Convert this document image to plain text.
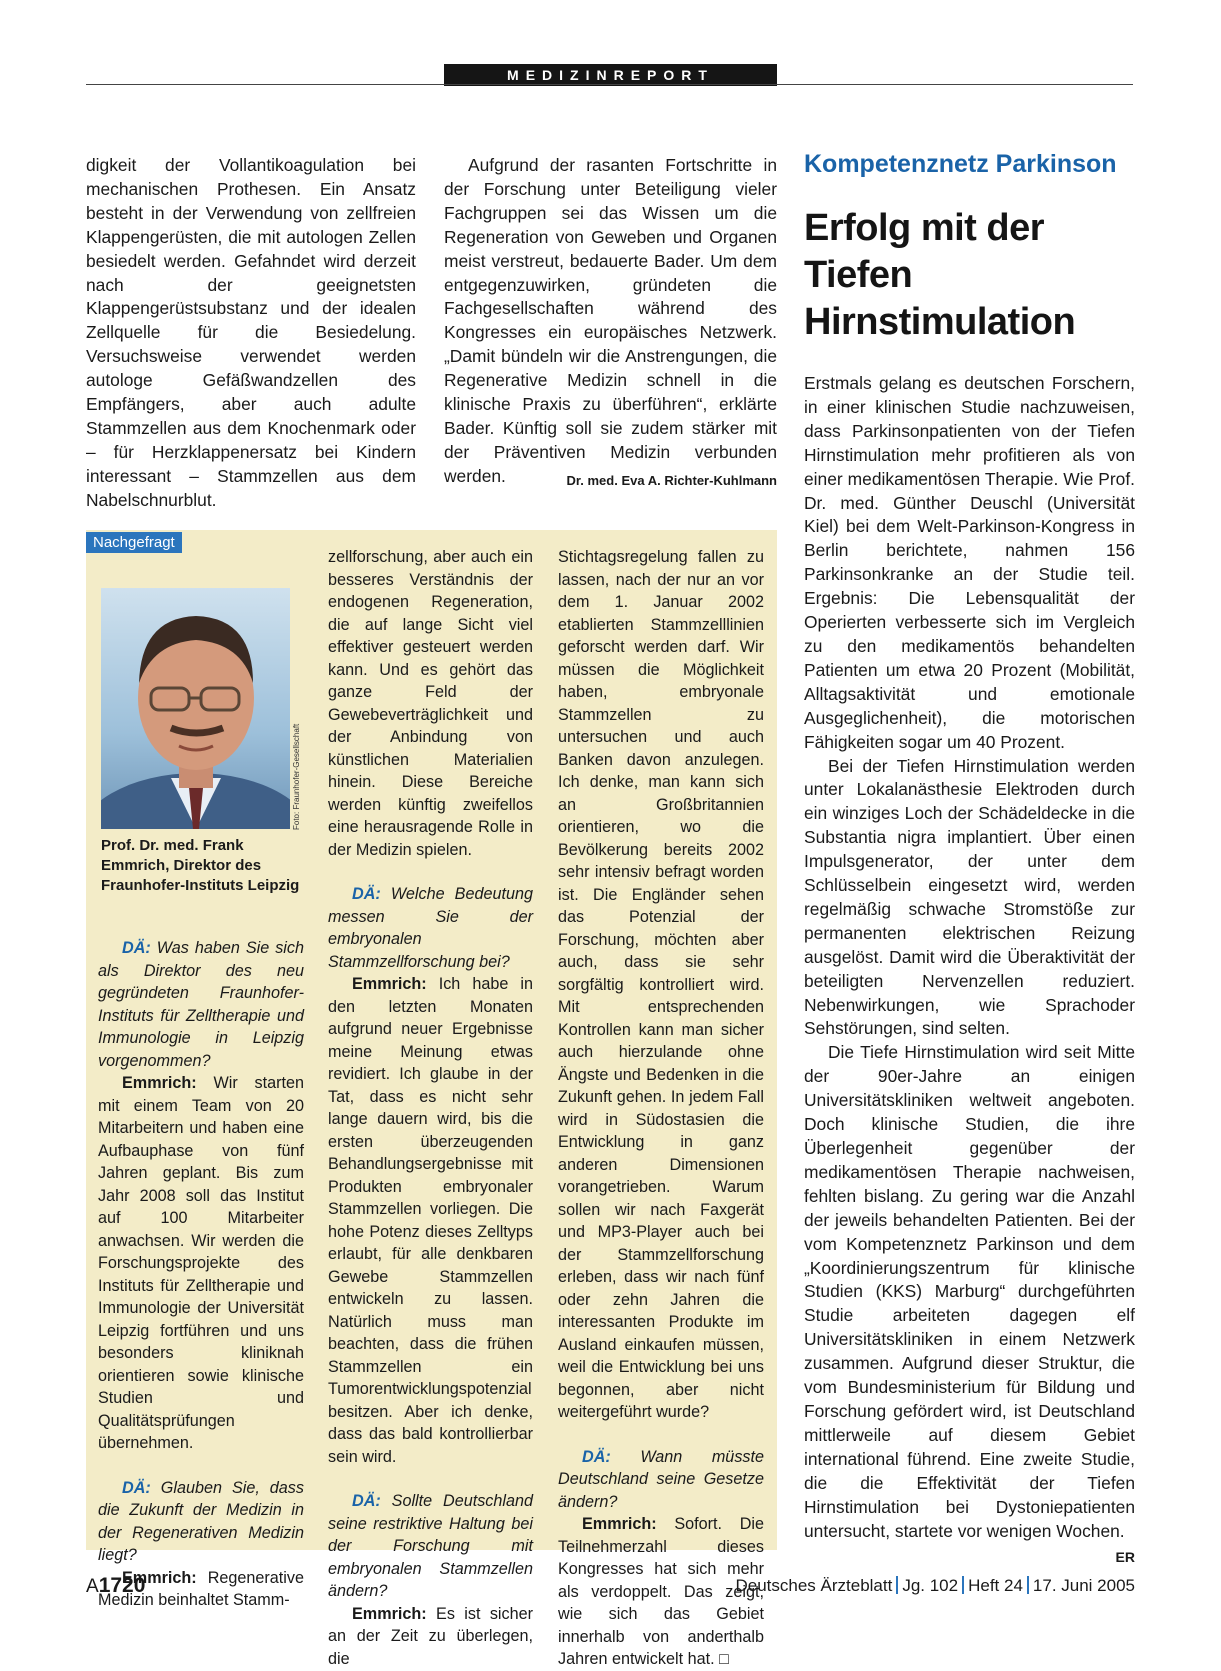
MEDIZINREPORT

digkeit der Vollantikoagulation bei mechanischen Prothesen. Ein Ansatz besteht in der Verwendung von zellfreien Klappengerüsten, die mit autologen Zellen besiedelt werden. Gefahndet wird derzeit nach der geeignetsten Klappengerüstsubstanz und der idealen Zellquelle für die Besiedelung. Versuchsweise verwendet werden autologe Gefäßwandzellen des Empfängers, aber auch adulte Stammzellen aus dem Knochenmark oder – für Herzklappenersatz bei Kindern interessant – Stammzellen aus dem Nabelschnurblut.

Aufgrund der rasanten Fortschritte in der Forschung unter Beteiligung vieler Fachgruppen sei das Wissen um die Regeneration von Geweben und Organen meist verstreut, bedauerte Bader. Um dem entgegenzuwirken, gründeten die Fachgesellschaften während des Kongresses ein europäisches Netzwerk. „Damit bündeln wir die Anstrengungen, die Regenerative Medizin schnell in die klinische Praxis zu überführen“, erklärte Bader. Künftig soll sie zudem stärker mit der Präventiven Medizin verbunden werden.	Dr. med. Eva A. Richter-Kuhlmann

Kompetenznetz Parkinson
Erfolg mit der Tiefen Hirnstimulation

Erstmals gelang es deutschen Forschern, in einer klinischen Studie nachzuweisen, dass Parkinsonpatienten von der Tiefen Hirnstimulation mehr profitieren als von einer medikamentösen Therapie. Wie Prof. Dr. med. Günther Deuschl (Universität Kiel) bei dem Welt-Parkinson-Kongress in Berlin berichtete, nahmen 156 Parkinsonkranke an der Studie teil. Ergebnis: Die Lebensqualität der Operierten verbesserte sich im Vergleich zu den medikamentös behandelten Patienten um etwa 20 Prozent (Mobilität, Alltagsaktivität und emotionale Ausgeglichenheit), die motorischen Fähigkeiten sogar um 40 Prozent.

Bei der Tiefen Hirnstimulation werden unter Lokalanästhesie Elektroden durch ein winziges Loch der Schädeldecke in die Substantia nigra implantiert. Über einen Impulsgenerator, der unter dem Schlüsselbein eingesetzt wird, werden regelmäßig schwache Stromstöße zur permanenten elektrischen Reizung ausgelöst. Damit wird die Überaktivität der beteiligten Nervenzellen reduziert. Nebenwirkungen, wie Sprachoder Sehstörungen, sind selten.

Die Tiefe Hirnstimulation wird seit Mitte der 90er-Jahre an einigen Universitätskliniken weltweit angeboten. Doch klinische Studien, die ihre Überlegenheit gegenüber der medikamentösen Therapie nachweisen, fehlten bislang. Zu gering war die Anzahl der jeweils behandelten Patienten. Bei der vom Kompetenznetz Parkinson und dem „Koordinierungszentrum für klinische Studien (KKS) Marburg“ durchgeführten Studie arbeiteten dagegen elf Universitätskliniken in einem Netzwerk zusammen. Aufgrund dieser Struktur, die vom Bundesministerium für Bildung und Forschung gefördert wird, ist Deutschland mittlerweile auf diesem Gebiet international führend. Eine zweite Studie, die die Effektivität der Tiefen Hirnstimulation bei Dystoniepatienten untersucht, startete vor wenigen Wochen.
ER

Nachgefragt
Foto: Fraunhofer-Gesellschaft
Prof. Dr. med. Frank Emmrich, Direktor des Fraunhofer-Instituts Leipzig

DÄ: Was haben Sie sich als Direktor des neu gegründeten Fraunhofer-Instituts für Zelltherapie und Immunologie in Leipzig vorgenommen?

Emmrich: Wir starten mit einem Team von 20 Mitarbeitern und haben eine Aufbauphase von fünf Jahren geplant. Bis zum Jahr 2008 soll das Institut auf 100 Mitarbeiter anwachsen. Wir werden die Forschungsprojekte des Instituts für Zelltherapie und Immunologie der Universität Leipzig fortführen und uns besonders kliniknah orientieren sowie klinische Studien und Qualitätsprüfungen übernehmen.

DÄ: Glauben Sie, dass die Zukunft der Medizin in der Regenerativen Medizin liegt?

Emmrich: Regenerative Medizin beinhaltet Stamm-

zellforschung, aber auch ein besseres Verständnis der endogenen Regeneration, die auf lange Sicht viel effektiver gesteuert werden kann. Und es gehört das ganze Feld der Gewebeverträglichkeit und der Anbindung von künstlichen Materialien hinein. Diese Bereiche werden künftig zweifellos eine herausragende Rolle in der Medizin spielen.

DÄ: Welche Bedeutung messen Sie der embryonalen Stammzellforschung bei?

Emmrich: Ich habe in den letzten Monaten aufgrund neuer Ergebnisse meine Meinung etwas revidiert. Ich glaube in der Tat, dass es nicht sehr lange dauern wird, bis die ersten überzeugenden Behandlungsergebnisse mit Produkten embryonaler Stammzellen vorliegen. Die hohe Potenz dieses Zelltyps erlaubt, für alle denkbaren Gewebe Stammzellen entwickeln zu lassen. Natürlich muss man beachten, dass die frühen Stammzellen ein Tumorentwicklungspotenzial besitzen. Aber ich denke, dass das bald kontrollierbar sein wird.

DÄ: Sollte Deutschland seine restriktive Haltung bei der Forschung mit embryonalen Stammzellen ändern?

Emmrich: Es ist sicher an der Zeit zu überlegen, die

Stichtagsregelung fallen zu lassen, nach der nur an vor dem 1. Januar 2002 etablierten Stammzelllinien geforscht werden darf. Wir müssen die Möglichkeit haben, embryonale Stammzellen zu untersuchen und auch Banken davon anzulegen. Ich denke, man kann sich an Großbritannien orientieren, wo die Bevölkerung bereits 2002 sehr intensiv befragt worden ist. Die Engländer sehen das Potenzial der Forschung, möchten aber auch, dass sie sehr sorgfältig kontrolliert wird. Mit entsprechenden Kontrollen kann man sicher auch hierzulande ohne Ängste und Bedenken in die Zukunft gehen. In jedem Fall wird in Südostasien die Entwicklung in ganz anderen Dimensionen vorangetrieben. Warum sollen wir nach Faxgerät und MP3-Player auch bei der Stammzellforschung erleben, dass wir nach fünf oder zehn Jahren die interessanten Produkte im Ausland einkaufen müssen, weil die Entwicklung bei uns begonnen, aber nicht weitergeführt wurde?

DÄ: Wann müsste Deutschland seine Gesetze ändern?

Emmrich: Sofort. Die Teilnehmerzahl dieses Kongresses hat sich mehr als verdoppelt. Das zeigt, wie sich das Gebiet innerhalb von anderthalb Jahren entwickelt hat. □

A1720	Deutsches Ärzteblatt Jg. 102 Heft 24 17. Juni 2005
